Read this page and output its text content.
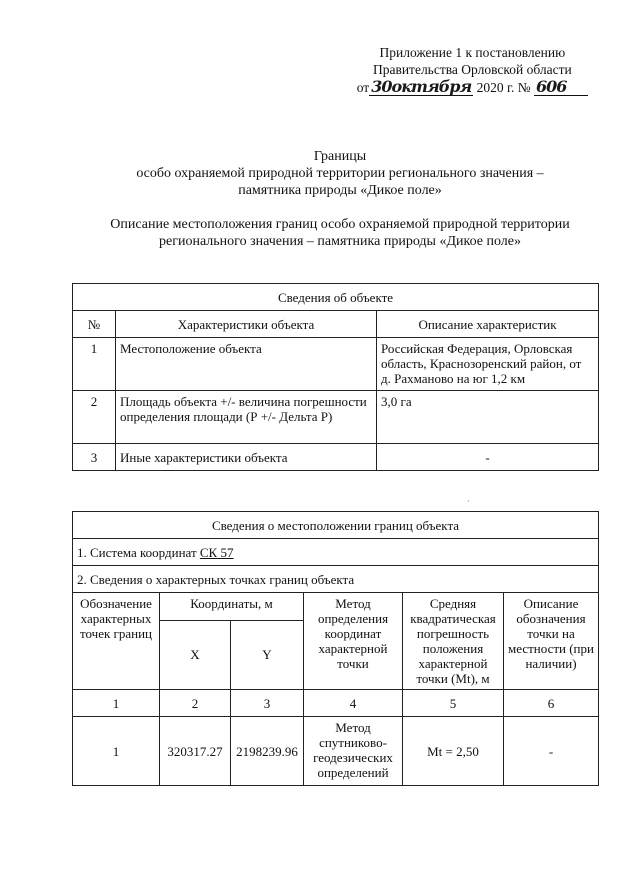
Приложение 1 к постановлению
Правительства Орловской области
от 30октября 2020 г. № 606
Границы
особо охраняемой природной территории регионального значения –
памятника природы «Дикое поле»
Описание местоположения границ особо охраняемой природной территории
регионального значения – памятника природы «Дикое поле»
Сведения об объекте		
№	Характеристики объекта	Описание характеристик
1	Местоположение объекта	Российская Федерация, Орловская область, Краснозоренский район, от д. Рахманово на юг 1,2 км
2	Площадь объекта +/- величина погрешности определения площади (Р +/- Дельта Р)	3,0 га
3	Иные характеристики объекта	-
·
Сведения о местоположении границ объекта					
1. Система координат СК 57					
2. Сведения о характерных точках границ объекта					
Обозначение характерных точек границ	Координаты, м		Метод определения координат характерной точки	Средняя квадратическая погрешность положения характерной точки (Mt), м	Описание обозначения точки на местности (при наличии)
	X	Y			
1	2	3	4	5	6
1	320317.27	2198239.96	Метод спутниково-геодезических определений	Mt = 2,50	-
